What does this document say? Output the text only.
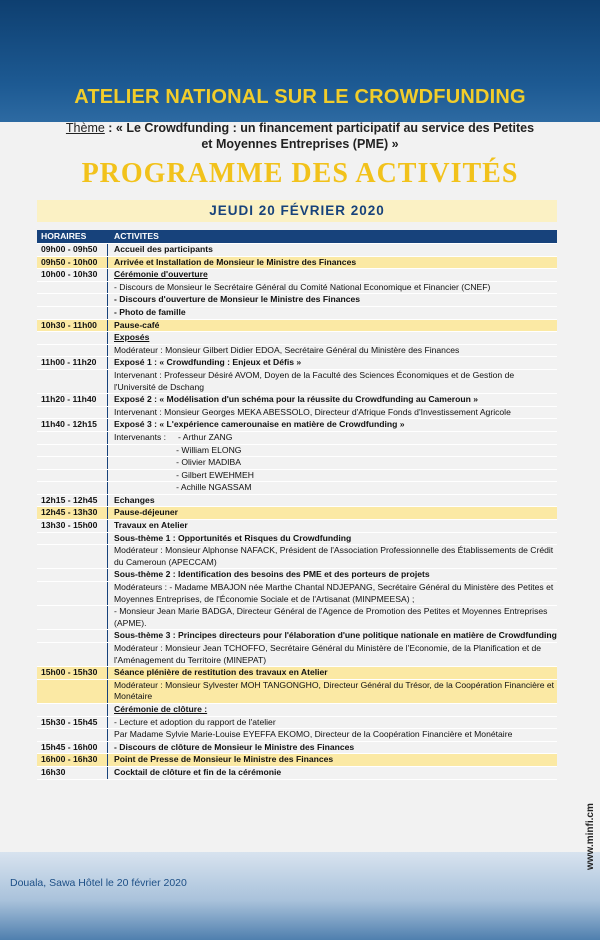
ATELIER NATIONAL SUR LE CROWDFUNDING
Thème : « Le Crowdfunding : un financement participatif au service des Petites et Moyennes Entreprises (PME) »
PROGRAMME DES ACTIVITÉS
JEUDI 20 FÉVRIER 2020
HORAIRES	ACTIVITES
09h00 - 09h50	Accueil des participants
09h50 - 10h00	Arrivée et Installation de Monsieur le Ministre des Finances
10h00 - 10h30	Cérémonie d'ouverture
- Discours de Monsieur le Secrétaire Général du Comité National Economique et Financier (CNEF)
- Discours d'ouverture de Monsieur le Ministre des Finances
- Photo de famille
10h30 - 11h00	Pause-café
Exposés
Modérateur : Monsieur Gilbert Didier EDOA, Secrétaire Général du Ministère des Finances
11h00 - 11h20	Exposé 1 : « Crowdfunding : Enjeux et Défis »
Intervenant : Professeur Désiré AVOM, Doyen de la Faculté des Sciences Économiques et de Gestion de l'Université de Dschang
11h20 - 11h40	Exposé 2 : « Modélisation d'un schéma pour la réussite du Crowdfunding au Cameroun »
Intervenant : Monsieur Georges MEKA ABESSOLO, Directeur d'Afrique Fonds d'Investissement Agricole
11h40 - 12h15	Exposé 3 : « L'expérience camerounaise en matière de Crowdfunding »
Intervenants :     - Arthur ZANG
- William ELONG
- Olivier MADIBA
- Gilbert EWEHMEH
- Achille NGASSAM
12h15 - 12h45	Echanges
12h45 - 13h30	Pause-déjeuner
13h30 - 15h00	Travaux en Atelier
Sous-thème 1 : Opportunités et Risques du Crowdfunding
Modérateur : Monsieur Alphonse NAFACK, Président de l'Association Professionnelle des Établissements de Crédit du Cameroun (APECCAM)
Sous-thème 2 : Identification des besoins des PME et des porteurs de projets
Modérateurs : - Madame MBAJON née Marthe Chantal NDJEPANG, Secrétaire Général du Ministère des Petites et Moyennes Entreprises, de l'Économie Sociale et de l'Artisanat (MINPMEESA) ;
- Monsieur Jean Marie BADGA, Directeur Général de l'Agence de Promotion des Petites et Moyennes Entreprises (APME).
Sous-thème 3 : Principes directeurs pour l'élaboration d'une politique nationale en matière de Crowdfunding
Modérateur : Monsieur Jean TCHOFFO, Secrétaire Général du Ministère de l'Economie, de la Planification et de l'Aménagement du Territoire (MINEPAT)
15h00 - 15h30	Séance plénière de restitution des travaux en Atelier
Modérateur : Monsieur Sylvester MOH TANGONGHO, Directeur Général du Trésor, de la Coopération Financière et Monétaire
Cérémonie de clôture :
15h30 - 15h45	- Lecture et adoption du rapport de l'atelier
Par Madame Sylvie Marie-Louise EYEFFA EKOMO, Directeur de la Coopération Financière et Monétaire
15h45 - 16h00	- Discours de clôture de Monsieur le Ministre des Finances
16h00 - 16h30	Point de Presse de Monsieur le Ministre des Finances
16h30	Cocktail de clôture et fin de la cérémonie
www.minfi.cm
Douala, Sawa Hôtel le 20 février 2020
